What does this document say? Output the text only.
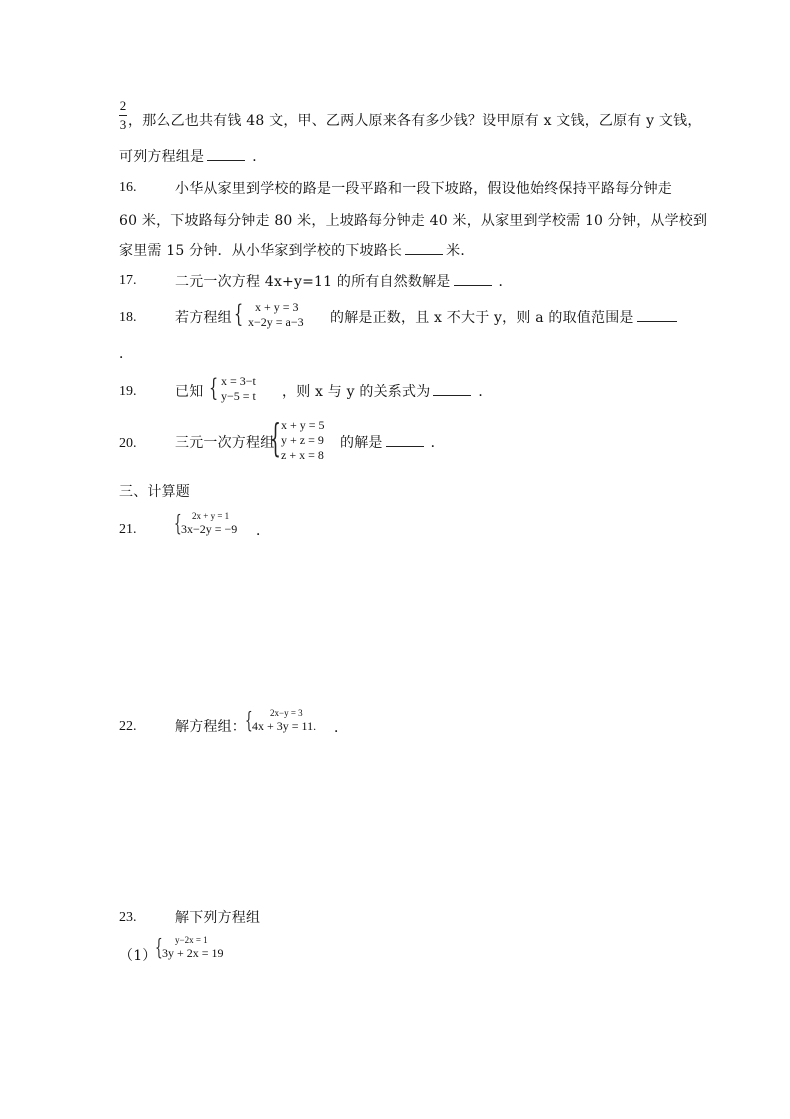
2
3 ，那么乙也共有钱 48 文，甲、乙两人原来各有多少钱？设甲原有 x 文钱，乙原有 y 文钱，
可列方程组是	．
16.	小华从家里到学校的路是一段平路和一段下坡路，假设他始终保持平路每分钟走
60 米，下坡路每分钟走 80 米，上坡路每分钟走 40 米，从家里到学校需 10 分钟，从学校到
家里需 15 分钟．从小华家到学校的下坡路长	米．
17.	二元一次方程 4x+y=11 的所有自然数解是	．
18.	若方程组 { x + y = 3
x−2y = a−3 的解是正数，且 x 不大于 y，则 a 的取值范围是
．
19.	已知 { x = 3−t
y−5 = t ，则 x 与 y 的关系式为	．
20.	三元一次方程组
{ x + y = 5
y + z = 9
z + x = 8
的解是	．
三、计算题
21. { 2x + y = 1
3x−2y = −9 ．
22.	解方程组： { 2x−y = 3
4x + 3y = 11. ．
23.	解下列方程组
（1）
{ y−2x = 1
3y + 2x = 19
